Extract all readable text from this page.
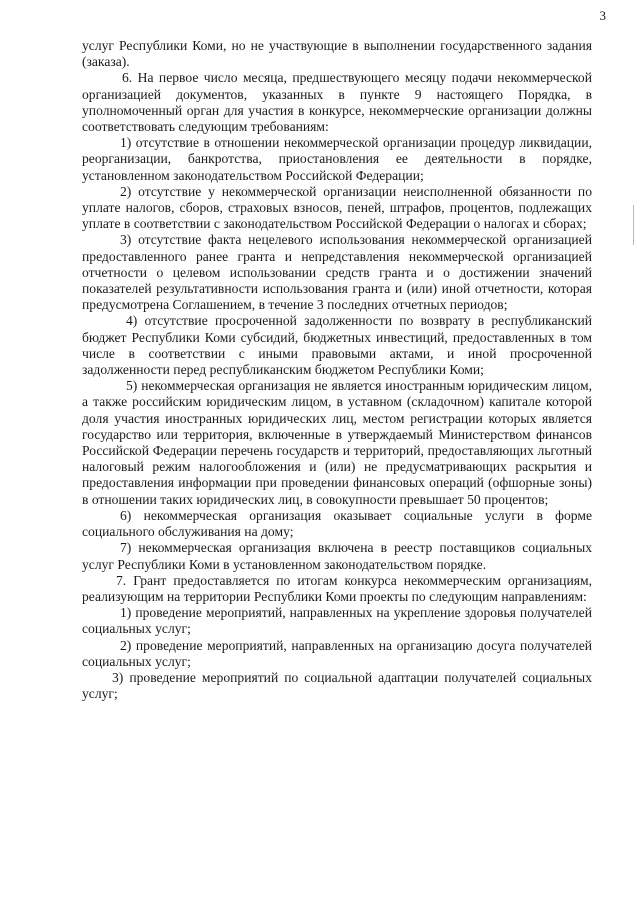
3

услуг Республики Коми, но не участвующие в выполнении государственного задания (заказа).

6. На первое число месяца, предшествующего месяцу подачи некоммерческой организацией документов, указанных в пункте 9 настоящего Порядка, в уполномоченный орган для участия в конкурсе, некоммерческие организации должны соответствовать следующим требованиям:

1) отсутствие в отношении некоммерческой организации процедур ликвидации, реорганизации, банкротства, приостановления ее деятельности в порядке, установленном законодательством Российской Федерации;

2) отсутствие у некоммерческой организации неисполненной обязанности по уплате налогов, сборов, страховых взносов, пеней, штрафов, процентов, подлежащих уплате в соответствии с законодательством Российской Федерации о налогах и сборах;

3) отсутствие факта нецелевого использования некоммерческой организацией предоставленного ранее гранта и непредставления некоммерческой организацией отчетности о целевом использовании средств гранта и о достижении значений показателей результативности использования гранта и (или) иной отчетности, которая предусмотрена Соглашением, в течение 3 последних отчетных периодов;

4) отсутствие просроченной задолженности по возврату в республиканский бюджет Республики Коми субсидий, бюджетных инвестиций, предоставленных в том числе в соответствии с иными правовыми актами, и иной просроченной задолженности перед республиканским бюджетом Республики Коми;

5) некоммерческая организация не является иностранным юридическим лицом, а также российским юридическим лицом, в уставном (складочном) капитале которой доля участия иностранных юридических лиц, местом регистрации которых является государство или территория, включенные в утверждаемый Министерством финансов Российской Федерации перечень государств и территорий, предоставляющих льготный налоговый режим налогообложения и (или) не предусматривающих раскрытия и предоставления информации при проведении финансовых операций (офшорные зоны) в отношении таких юридических лиц, в совокупности превышает 50 процентов;

6) некоммерческая организация оказывает социальные услуги в форме социального обслуживания на дому;

7) некоммерческая организация включена в реестр поставщиков социальных услуг Республики Коми в установленном законодательством порядке.

7. Грант предоставляется по итогам конкурса некоммерческим организациям, реализующим на территории Республики Коми проекты по следующим направлениям:

1) проведение мероприятий, направленных на укрепление здоровья получателей социальных услуг;

2) проведение мероприятий, направленных на организацию досуга получателей социальных услуг;

3) проведение мероприятий по социальной адаптации получателей социальных услуг;
